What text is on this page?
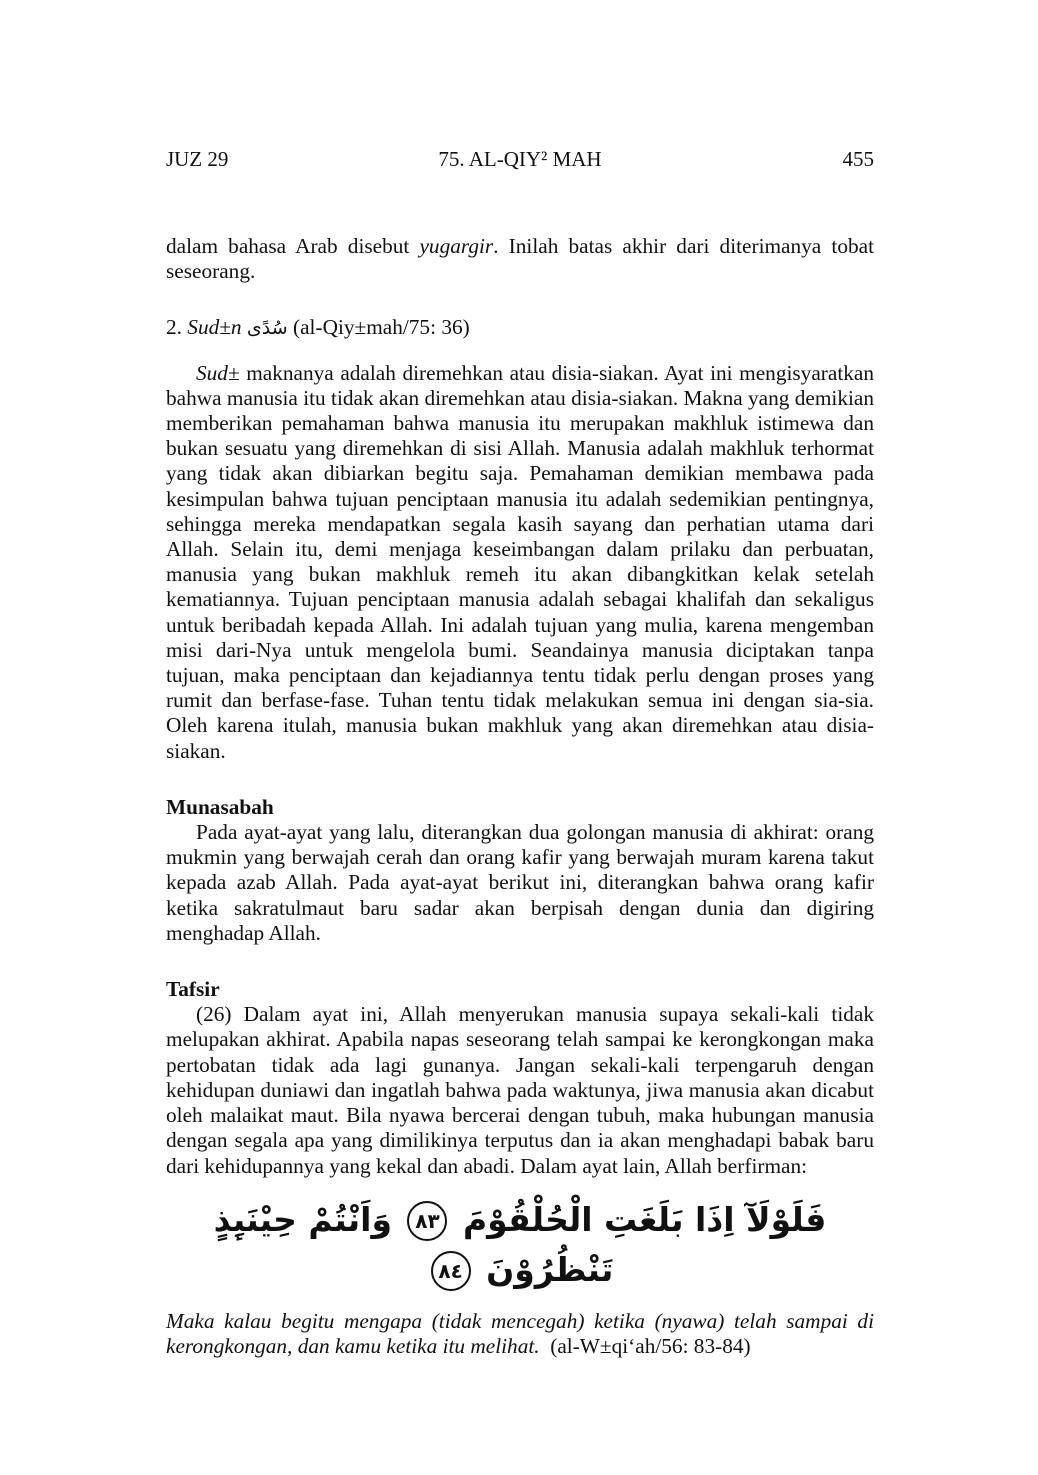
JUZ 29	75. AL-QIY² MAH	455

dalam bahasa Arab disebut yugargir. Inilah batas akhir dari diterimanya tobat seseorang.

2. Sud±n سُدًى (al-Qiy±mah/75: 36)

Sud± maknanya adalah diremehkan atau disia-siakan. Ayat ini mengisyaratkan bahwa manusia itu tidak akan diremehkan atau disia-siakan. Makna yang demikian memberikan pemahaman bahwa manusia itu merupakan makhluk istimewa dan bukan sesuatu yang diremehkan di sisi Allah. Manusia adalah makhluk terhormat yang tidak akan dibiarkan begitu saja. Pemahaman demikian membawa pada kesimpulan bahwa tujuan penciptaan manusia itu adalah sedemikian pentingnya, sehingga mereka mendapatkan segala kasih sayang dan perhatian utama dari Allah. Selain itu, demi menjaga keseimbangan dalam prilaku dan perbuatan, manusia yang bukan makhluk remeh itu akan dibangkitkan kelak setelah kematiannya. Tujuan penciptaan manusia adalah sebagai khalifah dan sekaligus untuk beribadah kepada Allah. Ini adalah tujuan yang mulia, karena mengemban misi dari-Nya untuk mengelola bumi. Seandainya manusia diciptakan tanpa tujuan, maka penciptaan dan kejadiannya tentu tidak perlu dengan proses yang rumit dan berfase-fase. Tuhan tentu tidak melakukan semua ini dengan sia-sia. Oleh karena itulah, manusia bukan makhluk yang akan diremehkan atau disia-siakan.

Munasabah

Pada ayat-ayat yang lalu, diterangkan dua golongan manusia di akhirat: orang mukmin yang berwajah cerah dan orang kafir yang berwajah muram karena takut kepada azab Allah. Pada ayat-ayat berikut ini, diterangkan bahwa orang kafir ketika sakratulmaut baru sadar akan berpisah dengan dunia dan digiring menghadap Allah.

Tafsir

(26) Dalam ayat ini, Allah menyerukan manusia supaya sekali-kali tidak melupakan akhirat. Apabila napas seseorang telah sampai ke kerongkongan maka pertobatan tidak ada lagi gunanya. Jangan sekali-kali terpengaruh dengan kehidupan duniawi dan ingatlah bahwa pada waktunya, jiwa manusia akan dicabut oleh malaikat maut. Bila nyawa bercerai dengan tubuh, maka hubungan manusia dengan segala apa yang dimilikinya terputus dan ia akan menghadapi babak baru dari kehidupannya yang kekal dan abadi. Dalam ayat lain, Allah berfirman:

فَلَوْلَآ اِذَا بَلَغَتِ الْحُلْقُوْمَ ٨٣ وَاَنْتُمْ حِيْنَىِٕذٍ تَنْظُرُوْنَ ٨٤

Maka kalau begitu mengapa (tidak mencegah) ketika (nyawa) telah sampai di kerongkongan, dan kamu ketika itu melihat. (al-W±qi‘ah/56: 83-84)
